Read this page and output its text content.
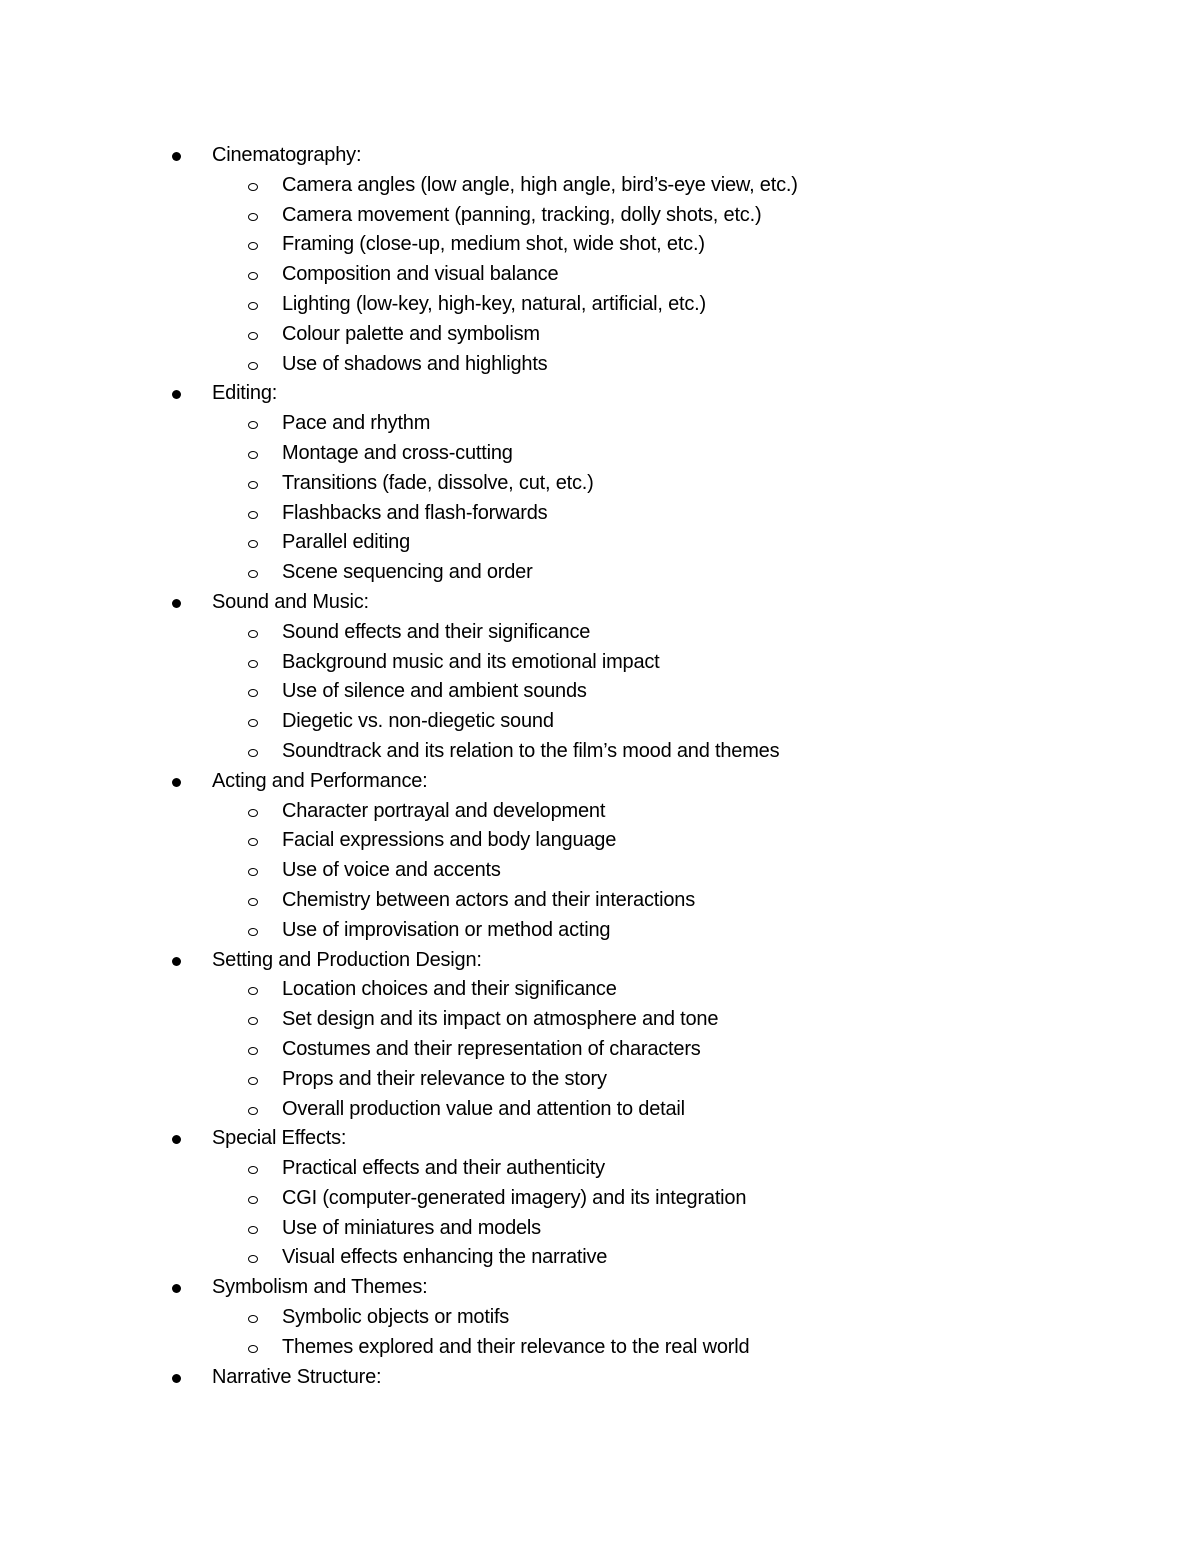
Cinematography:
Camera angles (low angle, high angle, bird’s-eye view, etc.)
Camera movement (panning, tracking, dolly shots, etc.)
Framing (close-up, medium shot, wide shot, etc.)
Composition and visual balance
Lighting (low-key, high-key, natural, artificial, etc.)
Colour palette and symbolism
Use of shadows and highlights
Editing:
Pace and rhythm
Montage and cross-cutting
Transitions (fade, dissolve, cut, etc.)
Flashbacks and flash-forwards
Parallel editing
Scene sequencing and order
Sound and Music:
Sound effects and their significance
Background music and its emotional impact
Use of silence and ambient sounds
Diegetic vs. non-diegetic sound
Soundtrack and its relation to the film’s mood and themes
Acting and Performance:
Character portrayal and development
Facial expressions and body language
Use of voice and accents
Chemistry between actors and their interactions
Use of improvisation or method acting
Setting and Production Design:
Location choices and their significance
Set design and its impact on atmosphere and tone
Costumes and their representation of characters
Props and their relevance to the story
Overall production value and attention to detail
Special Effects:
Practical effects and their authenticity
CGI (computer-generated imagery) and its integration
Use of miniatures and models
Visual effects enhancing the narrative
Symbolism and Themes:
Symbolic objects or motifs
Themes explored and their relevance to the real world
Narrative Structure:
